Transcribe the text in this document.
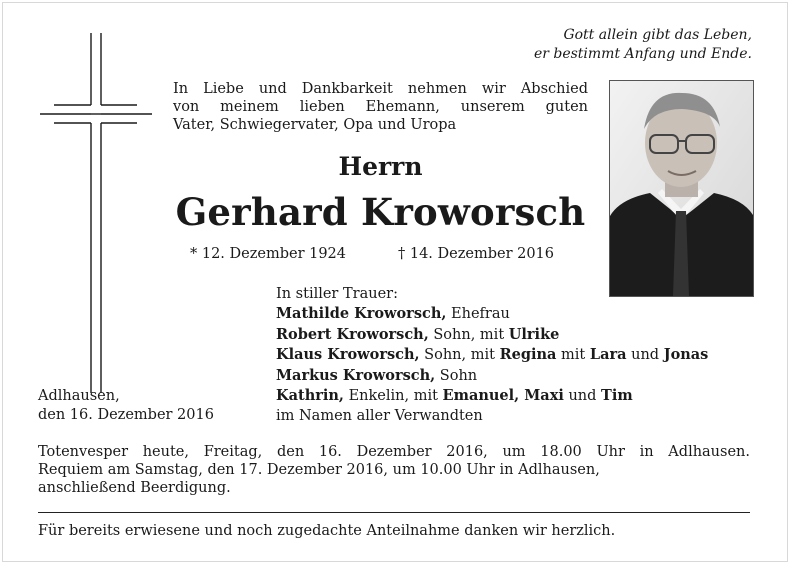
Gott allein gibt das Leben,

er bestimmt Anfang und Ende.

In Liebe und Dankbarkeit nehmen wir Abschied
von meinem lieben Ehemann, unserem guten
Vater, Schwiegervater, Opa und Uropa

Herrn

Gerhard Kroworsch

* 12. Dezember 1924	† 14. Dezember 2016

In stiller Trauer:

Mathilde Kroworsch, Ehefrau

Robert Kroworsch, Sohn, mit Ulrike

Klaus Kroworsch, Sohn, mit Regina mit Lara und Jonas

Markus Kroworsch, Sohn

Kathrin, Enkelin, mit Emanuel, Maxi und Tim

im Namen aller Verwandten

Adlhausen,

den 16. Dezember 2016

Totenvesper heute, Freitag, den 16. Dezember 2016, um 18.00 Uhr in Adlhausen.
Requiem am Samstag, den 17. Dezember 2016, um 10.00 Uhr in Adlhausen,
anschließend Beerdigung.

Für bereits erwiesene und noch zugedachte Anteilnahme danken wir herzlich.
